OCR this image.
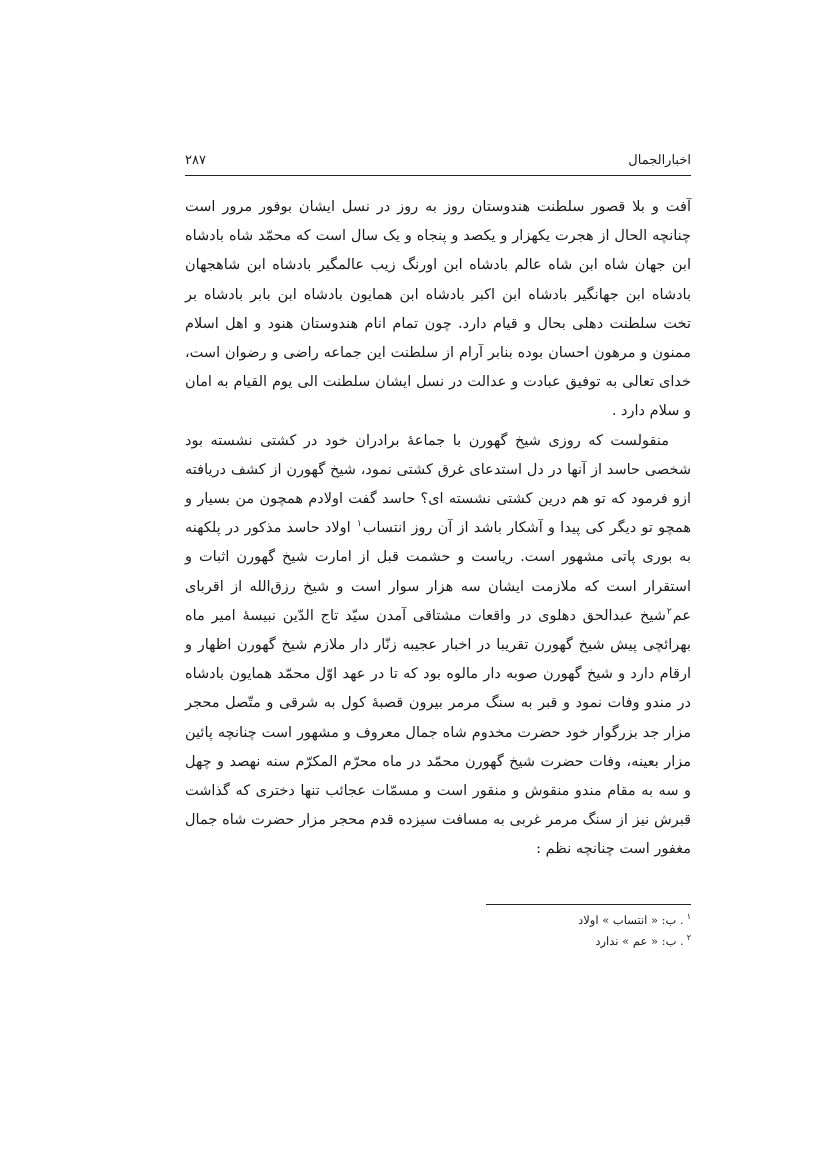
اخبارالجمال
۲۸۷

آفت و بلا قصور سلطنت هندوستان روز به روز در نسل ایشان بوفور مرور است چنانچه الحال از هجرت یکهزار و یکصد و پنجاه و یک سال است که محمّد شاه بادشاه ابن جهان شاه ابن شاه عالم بادشاه ابن اورنگ زیب عالمگیر بادشاه ابن شاهجهان بادشاه ابن جهانگیر بادشاه ابن اکبر بادشاه ابن همایون بادشاه ابن بابر بادشاه بر تخت سلطنت دهلی بحال و قیام دارد. چون تمام انام هندوستان هنود و اهل اسلام ممنون و مرهون احسان بوده بنابر آرام از سلطنت این جماعه راضی و رضوان است، خدای تعالی به توفیق عبادت و عدالت در نسل ایشان سلطنت الی یوم القیام به امان و سلام دارد .

منقولست که روزی شیخ گهورن با جماعهٔ برادران خود در کشتی نشسته بود شخصی حاسد از آنها در دل استدعای غرق کشتی نمود، شیخ گهورن از کشف دریافته ازو فرمود که تو هم درین کشتی نشسته ای؟ حاسد گفت اولادم همچون من بسیار و همچو تو دیگر کی پیدا و آشکار باشد از آن روز انتساب$^۱$ اولاد حاسد مذکور در پلکهنه به بوری پاتی مشهور است. ریاست و حشمت قبل از امارت شیخ گهورن اثبات و استقرار است که ملازمت ایشان سه هزار سوار است و شیخ رزق‌الله از اقربای عم$^۲$شیخ عبدالحق دهلوی در واقعات مشتاقی آمدن سیّد تاج الدّین نبیسهٔ امیر ماه بهرائچی پیش شیخ گهورن تقریبا در اخبار عجیبه زنّار دار ملازم شیخ گهورن اظهار و ارقام دارد و شیخ گهورن صوبه دار مالوه بود که تا در عهد اوّل محمّد همایون بادشاه در مندو وفات نمود و قبر به سنگ مرمر بیرون قصبهٔ کول به شرقی و متّصل محجر مزار جد بزرگوار خود حضرت مخدوم شاه جمال معروف و مشهور است چنانچه پائین مزار بعینه، وفات حضرت شیخ گهورن محمّد در ماه محرّم المکرّم سنه نهصد و چهل و سه به مقام مندو منقوش و منقور است و مسمّات عجائب تنها دختری که گذاشت قبرش نیز از سنگ مرمر غربی به مسافت سیزده قدم محجر مزار حضرت شاه جمال مغفور است چنانچه نظم :

$^۱$. ب: « انتساب » اولاد

$^۲$. ب: « عم » ندارد
